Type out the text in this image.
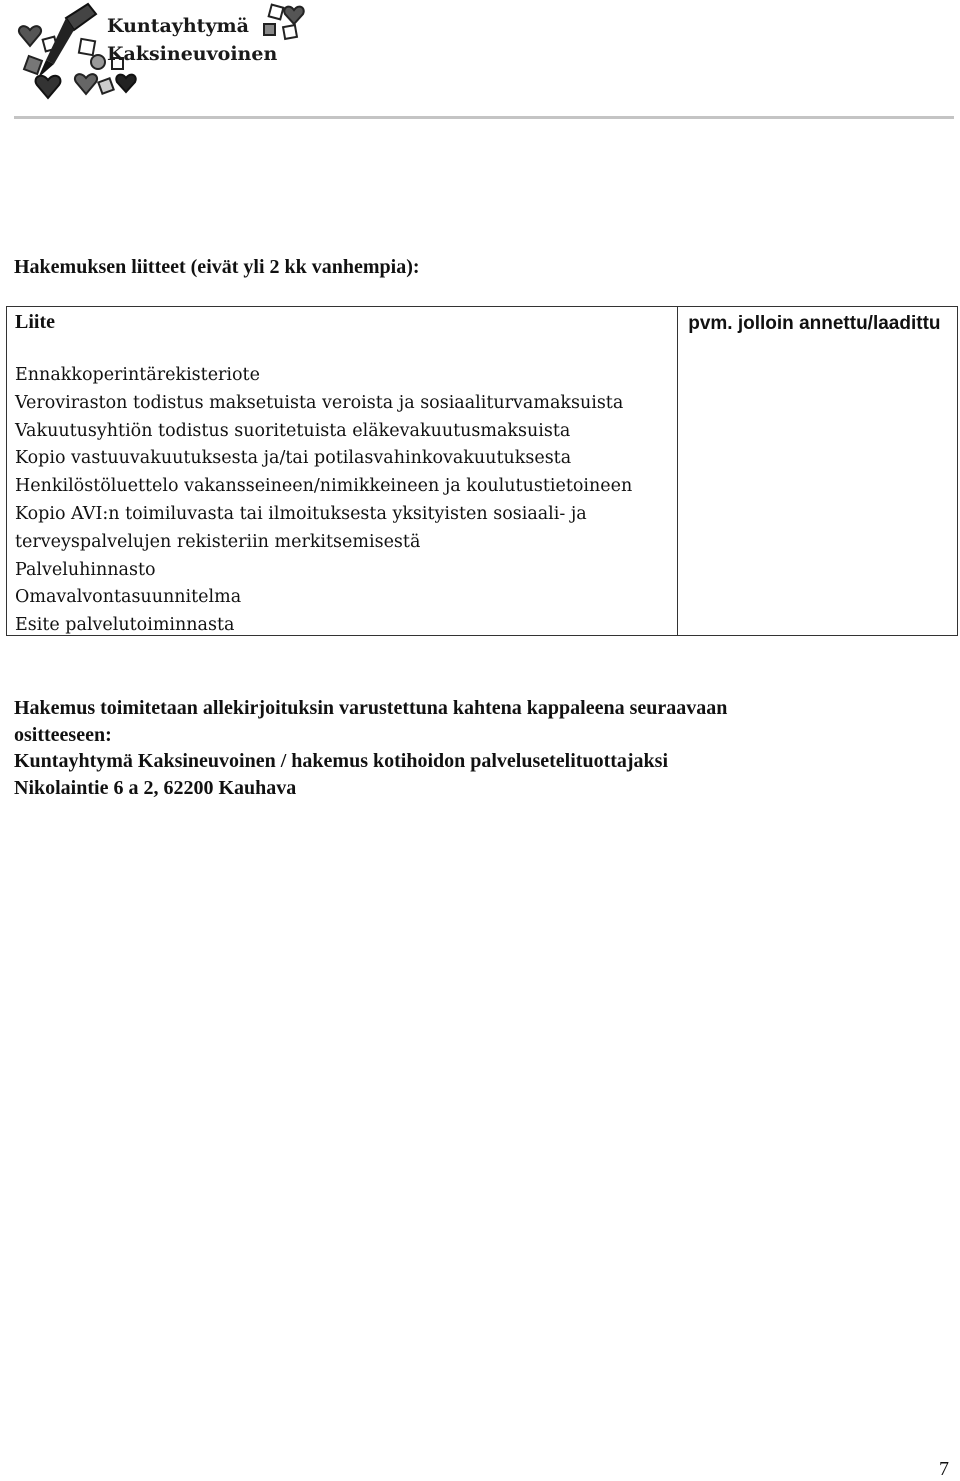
Kuntayhtymä
Kaksineuvoinen
Hakemuksen liitteet (eivät yli 2 kk vanhempia):
Liite
Ennakkoperintärekisteriote
Veroviraston todistus maksetuista veroista ja sosiaaliturvamaksuista
Vakuutusyhtiön todistus suoritetuista eläkevakuutusmaksuista
Kopio vastuuvakuutuksesta ja/tai potilasvahinkovakuutuksesta
Henkilöstöluettelo vakansseineen/nimikkeineen ja koulutustietoineen
Kopio AVI:n toimiluvasta tai ilmoituksesta yksityisten sosiaali- ja terveyspalvelujen rekisteriin merkitsemisestä
Palveluhinnasto
Omavalvontasuunnitelma
Esite palvelutoiminnasta

pvm. jolloin annettu/laadittu
Hakemus toimitetaan allekirjoituksin varustettuna kahtena kappaleena seuraavaan
ositteeseen:
Kuntayhtymä Kaksineuvoinen / hakemus kotihoidon palvelusetelituottajaksi
Nikolaintie 6 a 2, 62200 Kauhava
7
